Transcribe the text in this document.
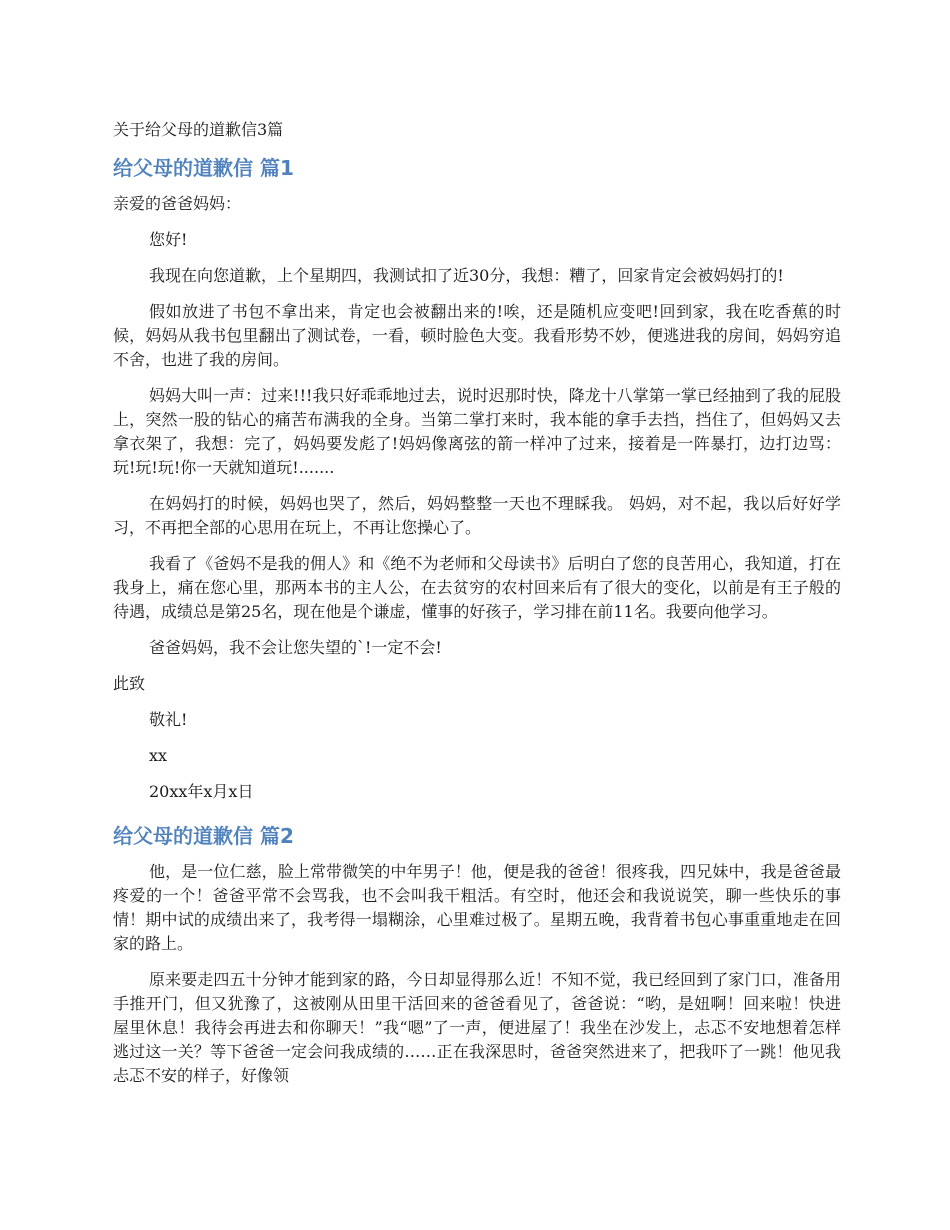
关于给父母的道歉信3篇
给父母的道歉信 篇1
亲爱的爸爸妈妈：
您好!
我现在向您道歉，上个星期四，我测试扣了近30分，我想：糟了，回家肯定会被妈妈打的!
假如放进了书包不拿出来，肯定也会被翻出来的!唉，还是随机应变吧!回到家，我在吃香蕉的时候，妈妈从我书包里翻出了测试卷，一看，顿时脸色大变。我看形势不妙，便逃进我的房间，妈妈穷追不舍，也进了我的房间。
妈妈大叫一声：过来!!!我只好乖乖地过去，说时迟那时快，降龙十八掌第一掌已经抽到了我的屁股上，突然一股的钻心的痛苦布满我的全身。当第二掌打来时，我本能的拿手去挡，挡住了，但妈妈又去拿衣架了，我想：完了，妈妈要发彪了!妈妈像离弦的箭一样冲了过来，接着是一阵暴打，边打边骂：玩!玩!玩!你一天就知道玩!.......
在妈妈打的时候，妈妈也哭了，然后，妈妈整整一天也不理睬我。 妈妈，对不起，我以后好好学习，不再把全部的心思用在玩上，不再让您操心了。
我看了《爸妈不是我的佣人》和《绝不为老师和父母读书》后明白了您的良苦用心，我知道，打在我身上，痛在您心里，那两本书的主人公，在去贫穷的农村回来后有了很大的变化，以前是有王子般的待遇，成绩总是第25名，现在他是个谦虚，懂事的好孩子，学习排在前11名。我要向他学习。
爸爸妈妈，我不会让您失望的`!一定不会!
此致
敬礼!
xx
20xx年x月x日
给父母的道歉信 篇2
他，是一位仁慈，脸上常带微笑的中年男子！他，便是我的爸爸！很疼我，四兄妹中，我是爸爸最疼爱的一个！爸爸平常不会骂我，也不会叫我干粗活。有空时，他还会和我说说笑，聊一些快乐的事情！期中试的成绩出来了，我考得一塌糊涂，心里难过极了。星期五晚，我背着书包心事重重地走在回家的路上。
原来要走四五十分钟才能到家的路，今日却显得那么近！不知不觉，我已经回到了家门口，准备用手推开门，但又犹豫了，这被刚从田里干活回来的爸爸看见了，爸爸说：“哟，是妞啊！回来啦！快进屋里休息！我待会再进去和你聊天！”我“嗯”了一声，便进屋了！我坐在沙发上，忐忑不安地想着怎样逃过这一关？等下爸爸一定会问我成绩的……正在我深思时，爸爸突然进来了，把我吓了一跳！他见我忐忑不安的样子，好像领
